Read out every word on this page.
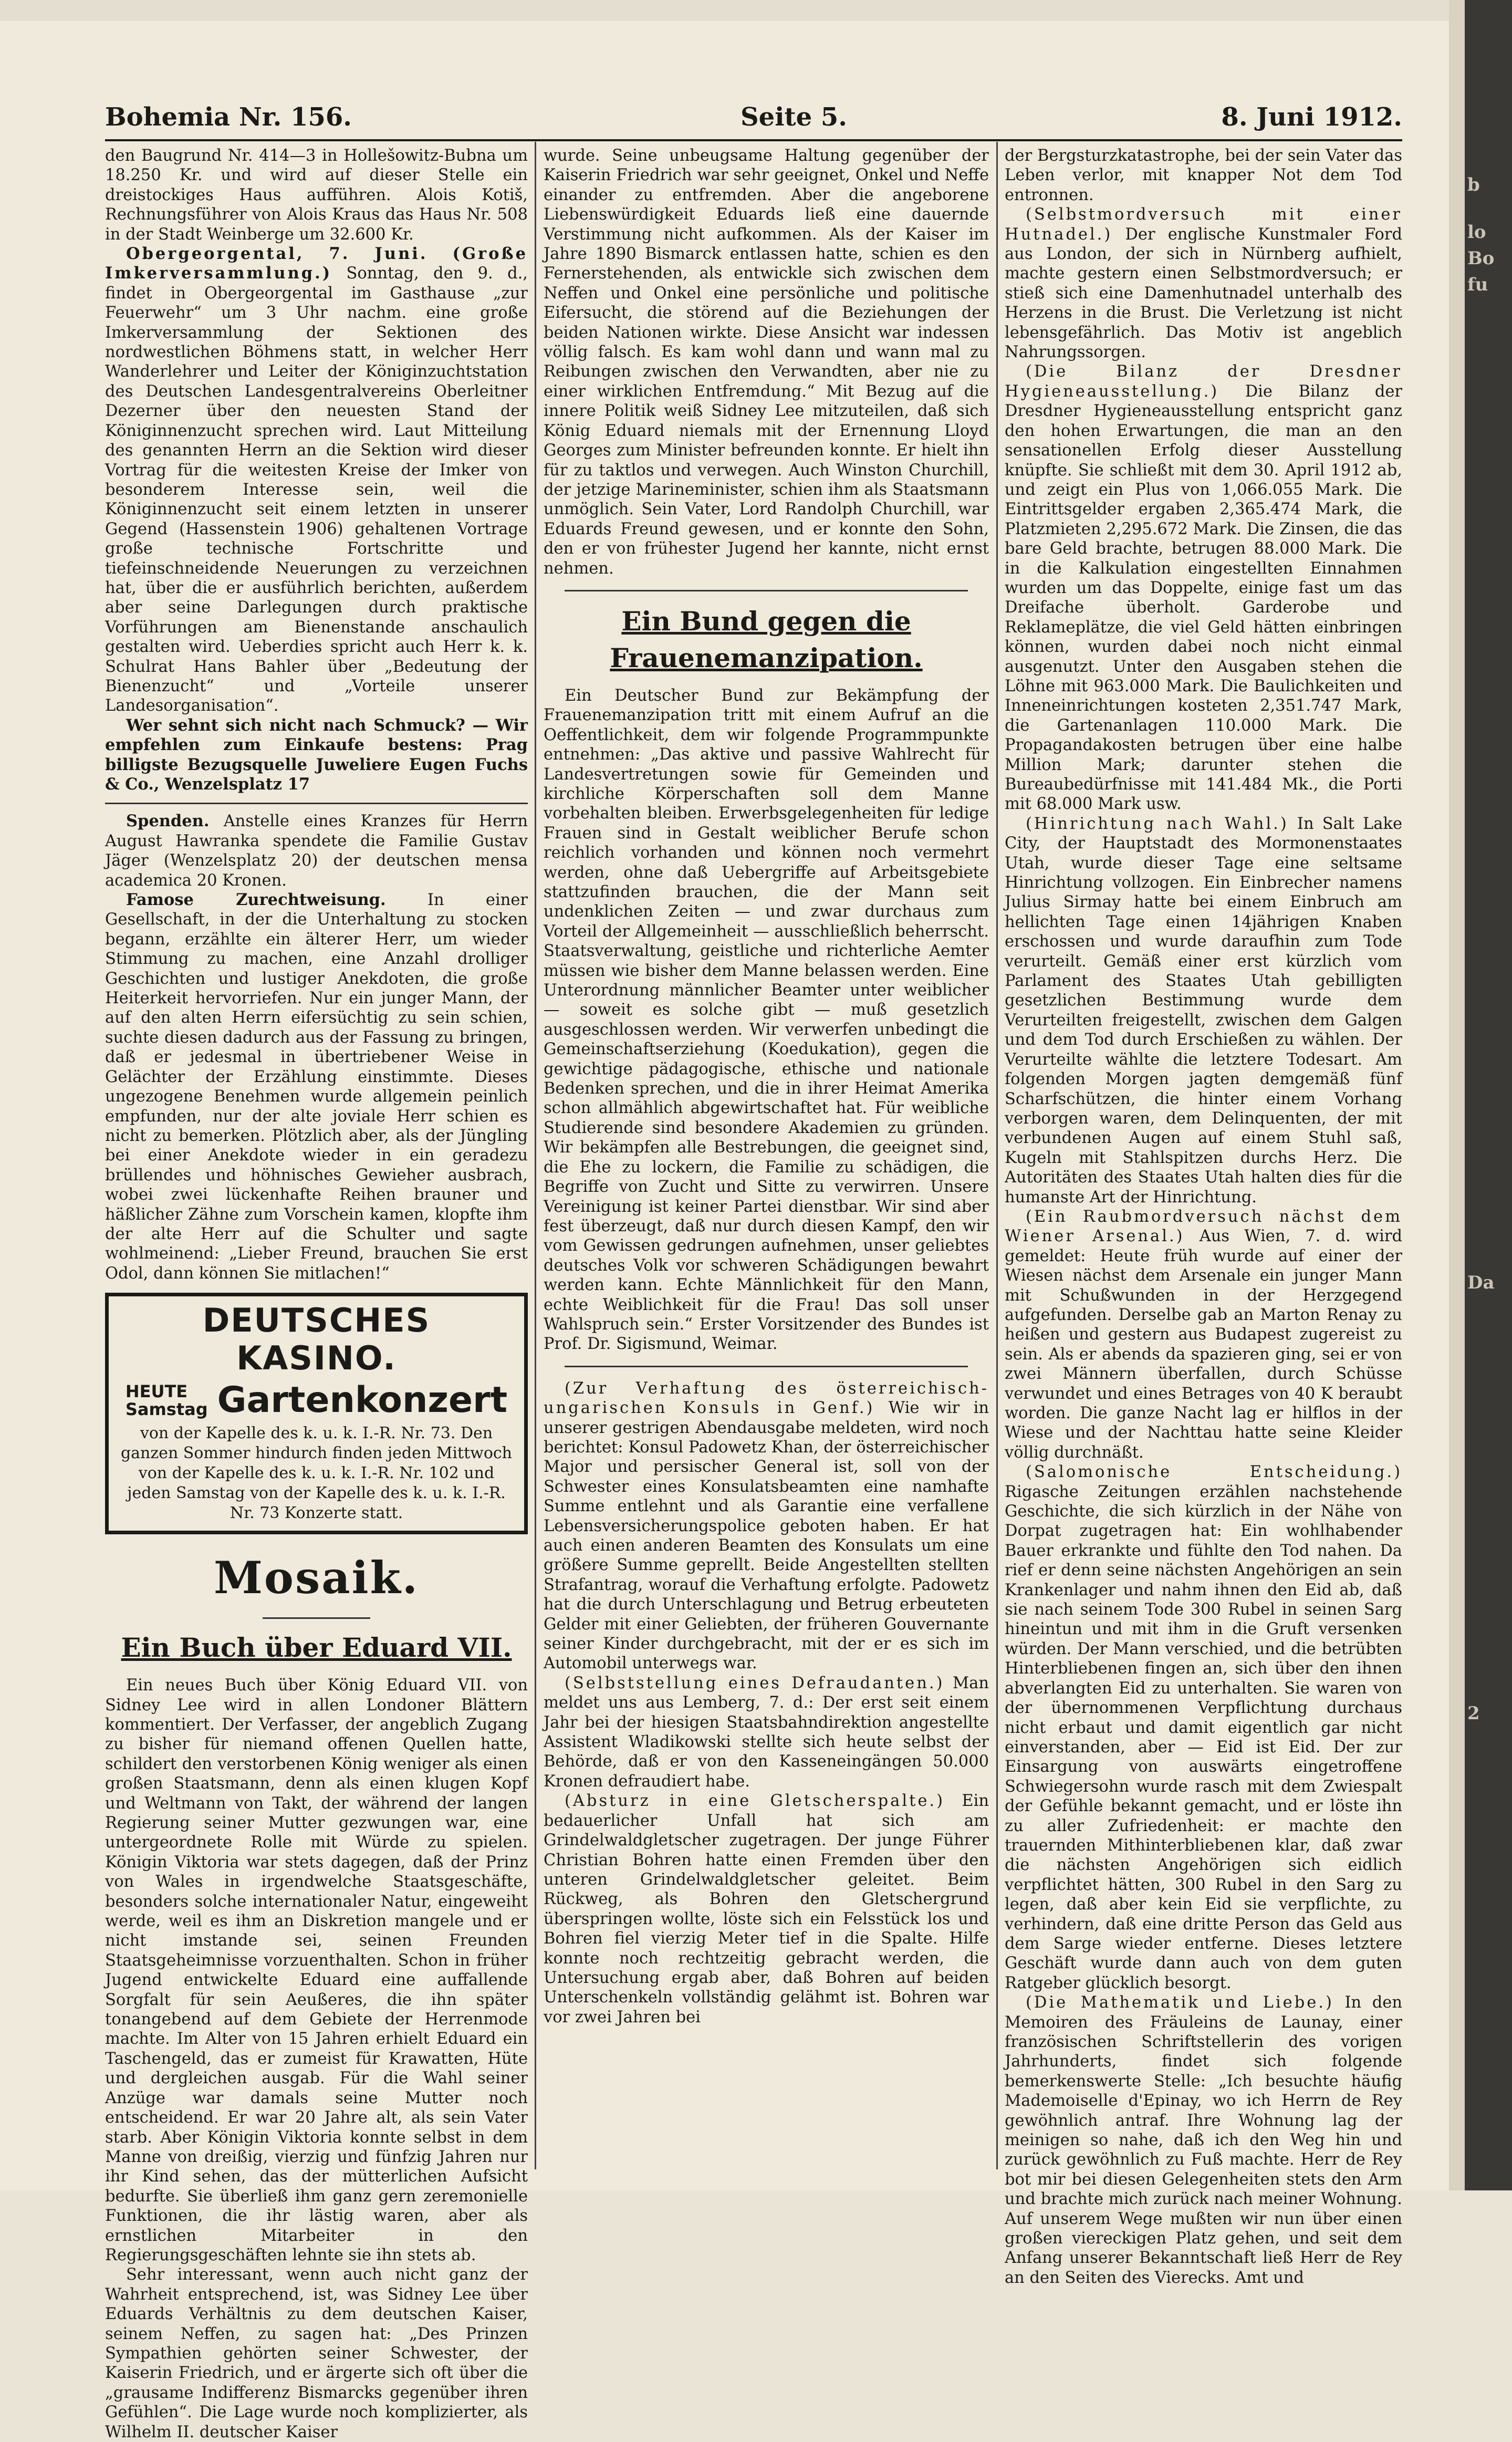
Bohemia Nr. 156.	Seite 5.	8. Juni 1912.

den Baugrund Nr. 414—3 in Hollešowitz-Bubna um 18.250 Kr. und wird auf dieser Stelle ein dreistockiges Haus aufführen. Alois Kotiš, Rechnungsführer von Alois Kraus das Haus Nr. 508 in der Stadt Weinberge um 32.600 Kr.

Obergeorgental, 7. Juni. (Große Imkerversammlung.) Sonntag, den 9. d., findet in Obergeorgental im Gasthause „zur Feuerwehr“ um 3 Uhr nachm. eine große Imkerversammlung der Sektionen des nordwestlichen Böhmens statt, in welcher Herr Wanderlehrer und Leiter der Königinzuchtstation des Deutschen Landesgentralvereins Oberleitner Dezerner über den neuesten Stand der Königinnenzucht sprechen wird. Laut Mitteilung des genannten Herrn an die Sektion wird dieser Vortrag für die weitesten Kreise der Imker von besonderem Interesse sein, weil die Königinnenzucht seit einem letzten in unserer Gegend (Hassenstein 1906) gehaltenen Vortrage große technische Fortschritte und tiefeinschneidende Neuerungen zu verzeichnen hat, über die er ausführlich berichten, außerdem aber seine Darlegungen durch praktische Vorführungen am Bienenstande anschaulich gestalten wird. Ueberdies spricht auch Herr k. k. Schulrat Hans Bahler über „Bedeutung der Bienenzucht“ und „Vorteile unserer Landesorganisation“.

Wer sehnt sich nicht nach Schmuck? — Wir empfehlen zum Einkaufe bestens: Prag billigste Bezugsquelle Juweliere Eugen Fuchs & Co., Wenzelsplatz 17

Spenden. Anstelle eines Kranzes für Herrn August Hawranka spendete die Familie Gustav Jäger (Wenzelsplatz 20) der deutschen mensa academica 20 Kronen.

Famose Zurechtweisung. In einer Gesellschaft, in der die Unterhaltung zu stocken begann, erzählte ein älterer Herr, um wieder Stimmung zu machen, eine Anzahl drolliger Geschichten und lustiger Anekdoten, die große Heiterkeit hervorriefen. Nur ein junger Mann, der auf den alten Herrn eifersüchtig zu sein schien, suchte diesen dadurch aus der Fassung zu bringen, daß er jedesmal in übertriebener Weise in Gelächter der Erzählung einstimmte. Dieses ungezogene Benehmen wurde allgemein peinlich empfunden, nur der alte joviale Herr schien es nicht zu bemerken. Plötzlich aber, als der Jüngling bei einer Anekdote wieder in ein geradezu brüllendes und höhnisches Gewieher ausbrach, wobei zwei lückenhafte Reihen brauner und häßlicher Zähne zum Vorschein kamen, klopfte ihm der alte Herr auf die Schulter und sagte wohlmeinend: „Lieber Freund, brauchen Sie erst Odol, dann können Sie mitlachen!“

DEUTSCHES KASINO.
HEUTE
Samstag Gartenkonzert
von der Kapelle des k. u. k. I.-R. Nr. 73. Den ganzen Sommer hindurch finden jeden Mittwoch von der Kapelle des k. u. k. I.-R. Nr. 102 und jeden Samstag von der Kapelle des k. u. k. I.-R. Nr. 73 Konzerte statt.
Mosaik.
Ein Buch über Eduard VII.

Ein neues Buch über König Eduard VII. von Sidney Lee wird in allen Londoner Blättern kommentiert. Der Verfasser, der angeblich Zugang zu bisher für niemand offenen Quellen hatte, schildert den verstorbenen König weniger als einen großen Staatsmann, denn als einen klugen Kopf und Weltmann von Takt, der während der langen Regierung seiner Mutter gezwungen war, eine untergeordnete Rolle mit Würde zu spielen. Königin Viktoria war stets dagegen, daß der Prinz von Wales in irgendwelche Staatsgeschäfte, besonders solche internationaler Natur, eingeweiht werde, weil es ihm an Diskretion mangele und er nicht imstande sei, seinen Freunden Staatsgeheimnisse vorzuenthalten. Schon in früher Jugend entwickelte Eduard eine auffallende Sorgfalt für sein Aeußeres, die ihn später tonangebend auf dem Gebiete der Herrenmode machte. Im Alter von 15 Jahren erhielt Eduard ein Taschengeld, das er zumeist für Krawatten, Hüte und dergleichen ausgab. Für die Wahl seiner Anzüge war damals seine Mutter noch entscheidend. Er war 20 Jahre alt, als sein Vater starb. Aber Königin Viktoria konnte selbst in dem Manne von dreißig, vierzig und fünfzig Jahren nur ihr Kind sehen, das der mütterlichen Aufsicht bedurfte. Sie überließ ihm ganz gern zeremonielle Funktionen, die ihr lästig waren, aber als ernstlichen Mitarbeiter in den Regierungsgeschäften lehnte sie ihn stets ab.

Sehr interessant, wenn auch nicht ganz der Wahrheit entsprechend, ist, was Sidney Lee über Eduards Verhältnis zu dem deutschen Kaiser, seinem Neffen, zu sagen hat: „Des Prinzen Sympathien gehörten seiner Schwester, der Kaiserin Friedrich, und er ärgerte sich oft über die „grausame Indifferenz Bismarcks gegenüber ihren Gefühlen“. Die Lage wurde noch komplizierter, als Wilhelm II. deutscher Kaiser

wurde. Seine unbeugsame Haltung gegenüber der Kaiserin Friedrich war sehr geeignet, Onkel und Neffe einander zu entfremden. Aber die angeborene Liebenswürdigkeit Eduards ließ eine dauernde Verstimmung nicht aufkommen. Als der Kaiser im Jahre 1890 Bismarck entlassen hatte, schien es den Fernerstehenden, als entwickle sich zwischen dem Neffen und Onkel eine persönliche und politische Eifersucht, die störend auf die Beziehungen der beiden Nationen wirkte. Diese Ansicht war indessen völlig falsch. Es kam wohl dann und wann mal zu Reibungen zwischen den Verwandten, aber nie zu einer wirklichen Entfremdung.“ Mit Bezug auf die innere Politik weiß Sidney Lee mitzuteilen, daß sich König Eduard niemals mit der Ernennung Lloyd Georges zum Minister befreunden konnte. Er hielt ihn für zu taktlos und verwegen. Auch Winston Churchill, der jetzige Marineminister, schien ihm als Staatsmann unmöglich. Sein Vater, Lord Randolph Churchill, war Eduards Freund gewesen, und er konnte den Sohn, den er von frühester Jugend her kannte, nicht ernst nehmen.

Ein Bund gegen die Frauenemanzipation.

Ein Deutscher Bund zur Bekämpfung der Frauenemanzipation tritt mit einem Aufruf an die Oeffentlichkeit, dem wir folgende Programmpunkte entnehmen: „Das aktive und passive Wahlrecht für Landesvertretungen sowie für Gemeinden und kirchliche Körperschaften soll dem Manne vorbehalten bleiben. Erwerbsgelegenheiten für ledige Frauen sind in Gestalt weiblicher Berufe schon reichlich vorhanden und können noch vermehrt werden, ohne daß Uebergriffe auf Arbeitsgebiete stattzufinden brauchen, die der Mann seit undenklichen Zeiten — und zwar durchaus zum Vorteil der Allgemeinheit — ausschließlich beherrscht. Staatsverwaltung, geistliche und richterliche Aemter müssen wie bisher dem Manne belassen werden. Eine Unterordnung männlicher Beamter unter weiblicher — soweit es solche gibt — muß gesetzlich ausgeschlossen werden. Wir verwerfen unbedingt die Gemeinschaftserziehung (Koedukation), gegen die gewichtige pädagogische, ethische und nationale Bedenken sprechen, und die in ihrer Heimat Amerika schon allmählich abgewirtschaftet hat. Für weibliche Studierende sind besondere Akademien zu gründen. Wir bekämpfen alle Bestrebungen, die geeignet sind, die Ehe zu lockern, die Familie zu schädigen, die Begriffe von Zucht und Sitte zu verwirren. Unsere Vereinigung ist keiner Partei dienstbar. Wir sind aber fest überzeugt, daß nur durch diesen Kampf, den wir vom Gewissen gedrungen aufnehmen, unser geliebtes deutsches Volk vor schweren Schädigungen bewahrt werden kann. Echte Männlichkeit für den Mann, echte Weiblichkeit für die Frau! Das soll unser Wahlspruch sein.“ Erster Vorsitzender des Bundes ist Prof. Dr. Sigismund, Weimar.

(Zur Verhaftung des österreichisch-ungarischen Konsuls in Genf.) Wie wir in unserer gestrigen Abendausgabe meldeten, wird noch berichtet: Konsul Padowetz Khan, der österreichischer Major und persischer General ist, soll von der Schwester eines Konsulatsbeamten eine namhafte Summe entlehnt und als Garantie eine verfallene Lebensversicherungspolice geboten haben. Er hat auch einen anderen Beamten des Konsulats um eine größere Summe geprellt. Beide Angestellten stellten Strafantrag, worauf die Verhaftung erfolgte. Padowetz hat die durch Unterschlagung und Betrug erbeuteten Gelder mit einer Geliebten, der früheren Gouvernante seiner Kinder durchgebracht, mit der er es sich im Automobil unterwegs war.

(Selbststellung eines Defraudanten.) Man meldet uns aus Lemberg, 7. d.: Der erst seit einem Jahr bei der hiesigen Staatsbahndirektion angestellte Assistent Wladikowski stellte sich heute selbst der Behörde, daß er von den Kasseneingängen 50.000 Kronen defraudiert habe.

(Absturz in eine Gletscherspalte.) Ein bedauerlicher Unfall hat sich am Grindelwaldgletscher zugetragen. Der junge Führer Christian Bohren hatte einen Fremden über den unteren Grindelwaldgletscher geleitet. Beim Rückweg, als Bohren den Gletschergrund überspringen wollte, löste sich ein Felsstück los und Bohren fiel vierzig Meter tief in die Spalte. Hilfe konnte noch rechtzeitig gebracht werden, die Untersuchung ergab aber, daß Bohren auf beiden Unterschenkeln vollständig gelähmt ist. Bohren war vor zwei Jahren bei

der Bergsturzkatastrophe, bei der sein Vater das Leben verlor, mit knapper Not dem Tod entronnen.

(Selbstmordversuch mit einer Hutnadel.) Der englische Kunstmaler Ford aus London, der sich in Nürnberg aufhielt, machte gestern einen Selbstmordversuch; er stieß sich eine Damenhutnadel unterhalb des Herzens in die Brust. Die Verletzung ist nicht lebensgefährlich. Das Motiv ist angeblich Nahrungssorgen.

(Die Bilanz der Dresdner Hygieneausstellung.) Die Bilanz der Dresdner Hygieneausstellung entspricht ganz den hohen Erwartungen, die man an den sensationellen Erfolg dieser Ausstellung knüpfte. Sie schließt mit dem 30. April 1912 ab, und zeigt ein Plus von 1,066.055 Mark. Die Eintrittsgelder ergaben 2,365.474 Mark, die Platzmieten 2,295.672 Mark. Die Zinsen, die das bare Geld brachte, betrugen 88.000 Mark. Die in die Kalkulation eingestellten Einnahmen wurden um das Doppelte, einige fast um das Dreifache überholt. Garderobe und Reklameplätze, die viel Geld hätten einbringen können, wurden dabei noch nicht einmal ausgenutzt. Unter den Ausgaben stehen die Löhne mit 963.000 Mark. Die Baulichkeiten und Inneneinrichtungen kosteten 2,351.747 Mark, die Gartenanlagen 110.000 Mark. Die Propagandakosten betrugen über eine halbe Million Mark; darunter stehen die Bureaubedürfnisse mit 141.484 Mk., die Porti mit 68.000 Mark usw.

(Hinrichtung nach Wahl.) In Salt Lake City, der Hauptstadt des Mormonenstaates Utah, wurde dieser Tage eine seltsame Hinrichtung vollzogen. Ein Einbrecher namens Julius Sirmay hatte bei einem Einbruch am hellichten Tage einen 14jährigen Knaben erschossen und wurde daraufhin zum Tode verurteilt. Gemäß einer erst kürzlich vom Parlament des Staates Utah gebilligten gesetzlichen Bestimmung wurde dem Verurteilten freigestellt, zwischen dem Galgen und dem Tod durch Erschießen zu wählen. Der Verurteilte wählte die letztere Todesart. Am folgenden Morgen jagten demgemäß fünf Scharfschützen, die hinter einem Vorhang verborgen waren, dem Delinquenten, der mit verbundenen Augen auf einem Stuhl saß, Kugeln mit Stahlspitzen durchs Herz. Die Autoritäten des Staates Utah halten dies für die humanste Art der Hinrichtung.

(Ein Raubmordversuch nächst dem Wiener Arsenal.) Aus Wien, 7. d. wird gemeldet: Heute früh wurde auf einer der Wiesen nächst dem Arsenale ein junger Mann mit Schußwunden in der Herzgegend aufgefunden. Derselbe gab an Marton Renay zu heißen und gestern aus Budapest zugereist zu sein. Als er abends da spazieren ging, sei er von zwei Männern überfallen, durch Schüsse verwundet und eines Betrages von 40 K beraubt worden. Die ganze Nacht lag er hilflos in der Wiese und der Nachttau hatte seine Kleider völlig durchnäßt.

(Salomonische Entscheidung.) Rigasche Zeitungen erzählen nachstehende Geschichte, die sich kürzlich in der Nähe von Dorpat zugetragen hat: Ein wohlhabender Bauer erkrankte und fühlte den Tod nahen. Da rief er denn seine nächsten Angehörigen an sein Krankenlager und nahm ihnen den Eid ab, daß sie nach seinem Tode 300 Rubel in seinen Sarg hineintun und mit ihm in die Gruft versenken würden. Der Mann verschied, und die betrübten Hinterbliebenen fingen an, sich über den ihnen abverlangten Eid zu unterhalten. Sie waren von der übernommenen Verpflichtung durchaus nicht erbaut und damit eigentlich gar nicht einverstanden, aber — Eid ist Eid. Der zur Einsargung von auswärts eingetroffene Schwiegersohn wurde rasch mit dem Zwiespalt der Gefühle bekannt gemacht, und er löste ihn zu aller Zufriedenheit: er machte den trauernden Mithinterbliebenen klar, daß zwar die nächsten Angehörigen sich eidlich verpflichtet hätten, 300 Rubel in den Sarg zu legen, daß aber kein Eid sie verpflichte, zu verhindern, daß eine dritte Person das Geld aus dem Sarge wieder entferne. Dieses letztere Geschäft wurde dann auch von dem guten Ratgeber glücklich besorgt.

(Die Mathematik und Liebe.) In den Memoiren des Fräuleins de Launay, einer französischen Schriftstellerin des vorigen Jahrhunderts, findet sich folgende bemerkenswerte Stelle: „Ich besuchte häufig Mademoiselle d'Epinay, wo ich Herrn de Rey gewöhnlich antraf. Ihre Wohnung lag der meinigen so nahe, daß ich den Weg hin und zurück gewöhnlich zu Fuß machte. Herr de Rey bot mir bei diesen Gelegenheiten stets den Arm und brachte mich zurück nach meiner Wohnung. Auf unserem Wege mußten wir nun über einen großen viereckigen Platz gehen, und seit dem Anfang unserer Bekanntschaft ließ Herr de Rey an den Seiten des Vierecks. Amt und

b
lo
Bo
fu
Da
2
